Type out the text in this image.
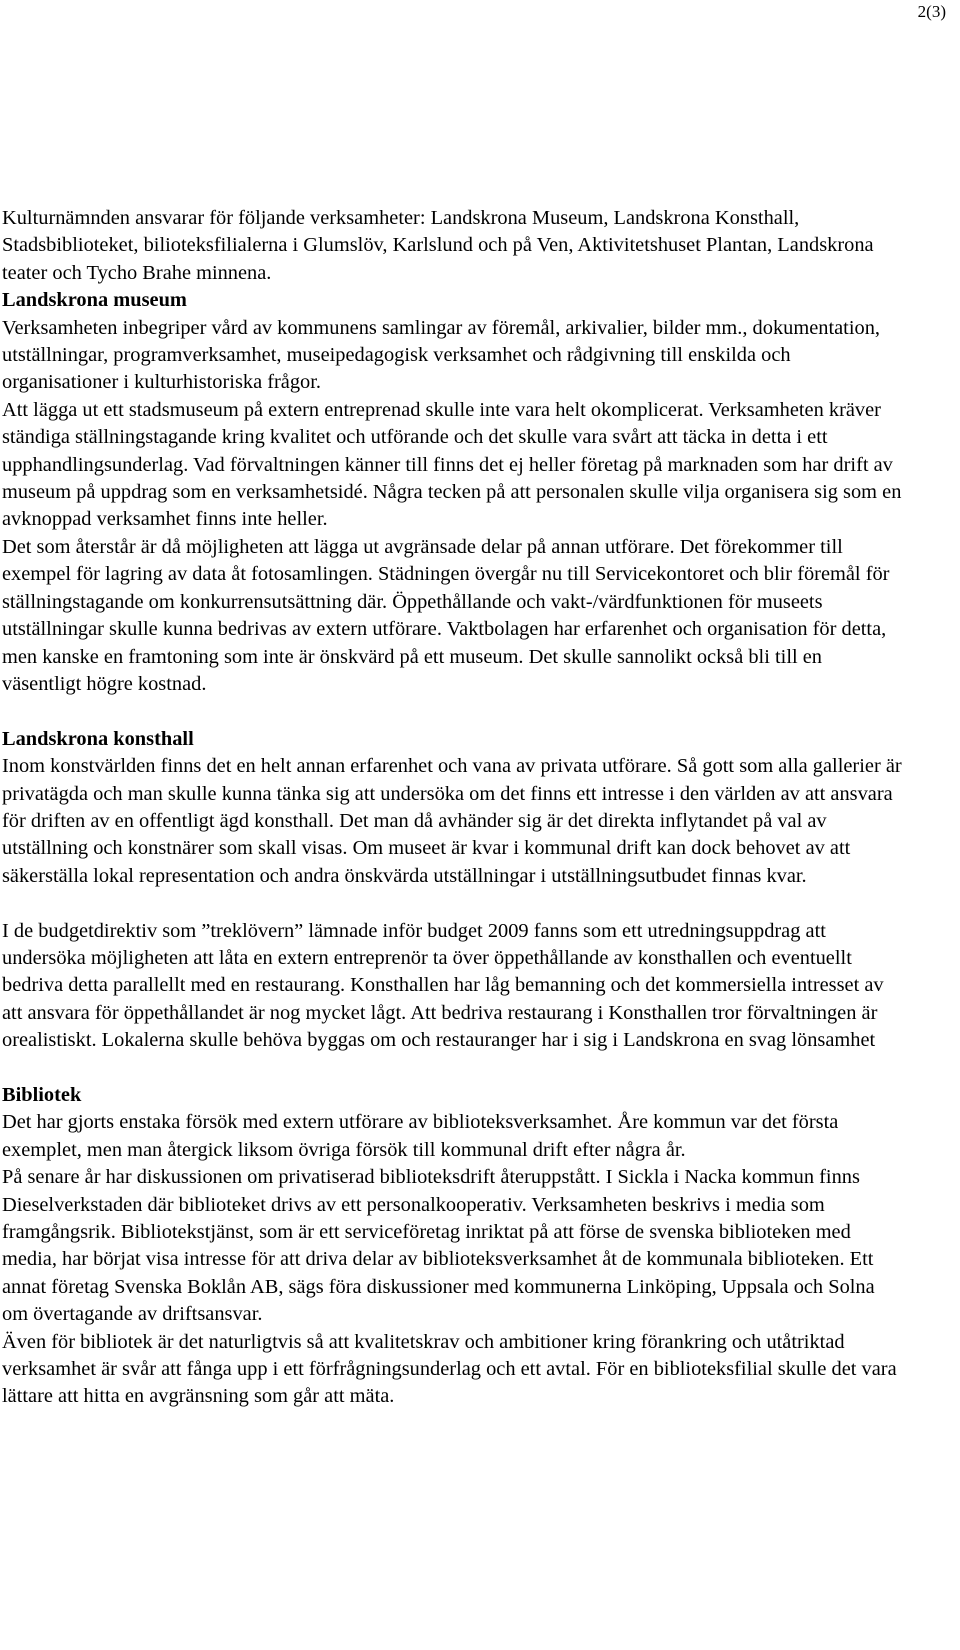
2(3)

Kulturnämnden ansvarar för följande verksamheter: Landskrona Museum, Landskrona Konsthall, Stadsbiblioteket, bilioteksfilialerna i Glumslöv, Karlslund och på Ven, Aktivitetshuset Plantan, Landskrona teater och Tycho Brahe minnena.

Landskrona museum

Verksamheten inbegriper vård av kommunens samlingar av föremål, arkivalier, bilder mm., dokumentation, utställningar, programverksamhet, museipedagogisk verksamhet och rådgivning till enskilda och organisationer i kulturhistoriska frågor.

Att lägga ut ett stadsmuseum på extern entreprenad skulle inte vara helt okomplicerat. Verksamheten kräver ständiga ställningstagande kring kvalitet och utförande och det skulle vara svårt att täcka in detta i ett upphandlingsunderlag. Vad förvaltningen känner till finns det ej heller företag på marknaden som har drift av museum på uppdrag som en verksamhetsidé. Några tecken på att personalen skulle vilja organisera sig som en avknoppad verksamhet finns inte heller.

Det som återstår är då möjligheten att lägga ut avgränsade delar på annan utförare. Det förekommer till exempel för lagring av data åt fotosamlingen. Städningen övergår nu till Servicekontoret och blir föremål för ställningstagande om konkurrensutsättning där. Öppethållande och vakt-/värdfunktionen för museets utställningar skulle kunna bedrivas av extern utförare. Vaktbolagen har erfarenhet och organisation för detta, men kanske en framtoning som inte är önskvärd på ett museum. Det skulle sannolikt också bli till en väsentligt högre kostnad.

Landskrona konsthall

Inom konstvärlden finns det en helt annan erfarenhet och vana av privata utförare. Så gott som alla gallerier är privatägda och man skulle kunna tänka sig att undersöka om det finns ett intresse i den världen av att ansvara för driften av en offentligt ägd konsthall. Det man då avhänder sig är det direkta inflytandet på val av utställning och konstnärer som skall visas. Om museet är kvar i kommunal drift kan dock behovet av att säkerställa lokal representation och andra önskvärda utställningar i utställningsutbudet finnas kvar.

I de budgetdirektiv som ”treklövern” lämnade inför budget 2009 fanns som ett utredningsuppdrag att undersöka möjligheten att låta en extern entreprenör ta över öppethållande av konsthallen och eventuellt bedriva detta parallellt med en restaurang. Konsthallen har låg bemanning och det kommersiella intresset av att ansvara för öppethållandet är nog mycket lågt. Att bedriva restaurang i Konsthallen tror förvaltningen är orealistiskt. Lokalerna skulle behöva byggas om och restauranger har i sig i Landskrona en svag lönsamhet

Bibliotek

Det har gjorts enstaka försök med extern utförare av biblioteksverksamhet. Åre kommun var det första exemplet, men man återgick liksom övriga försök till kommunal drift efter några år.

På senare år har diskussionen om privatiserad biblioteksdrift återuppstått. I Sickla i Nacka kommun finns Dieselverkstaden där biblioteket drivs av ett personalkooperativ. Verksamheten beskrivs i media som framgångsrik. Bibliotekstjänst, som är ett serviceföretag inriktat på att förse de svenska biblioteken med media, har börjat visa intresse för att driva delar av biblioteksverksamhet åt de kommunala biblioteken. Ett annat företag Svenska Boklån AB, sägs föra diskussioner med kommunerna Linköping, Uppsala och Solna om övertagande av driftsansvar.

Även för bibliotek är det naturligtvis så att kvalitetskrav och ambitioner kring förankring och utåtriktad verksamhet är svår att fånga upp i ett förfrågningsunderlag och ett avtal. För en biblioteksfilial skulle det vara lättare att hitta en avgränsning som går att mäta.
